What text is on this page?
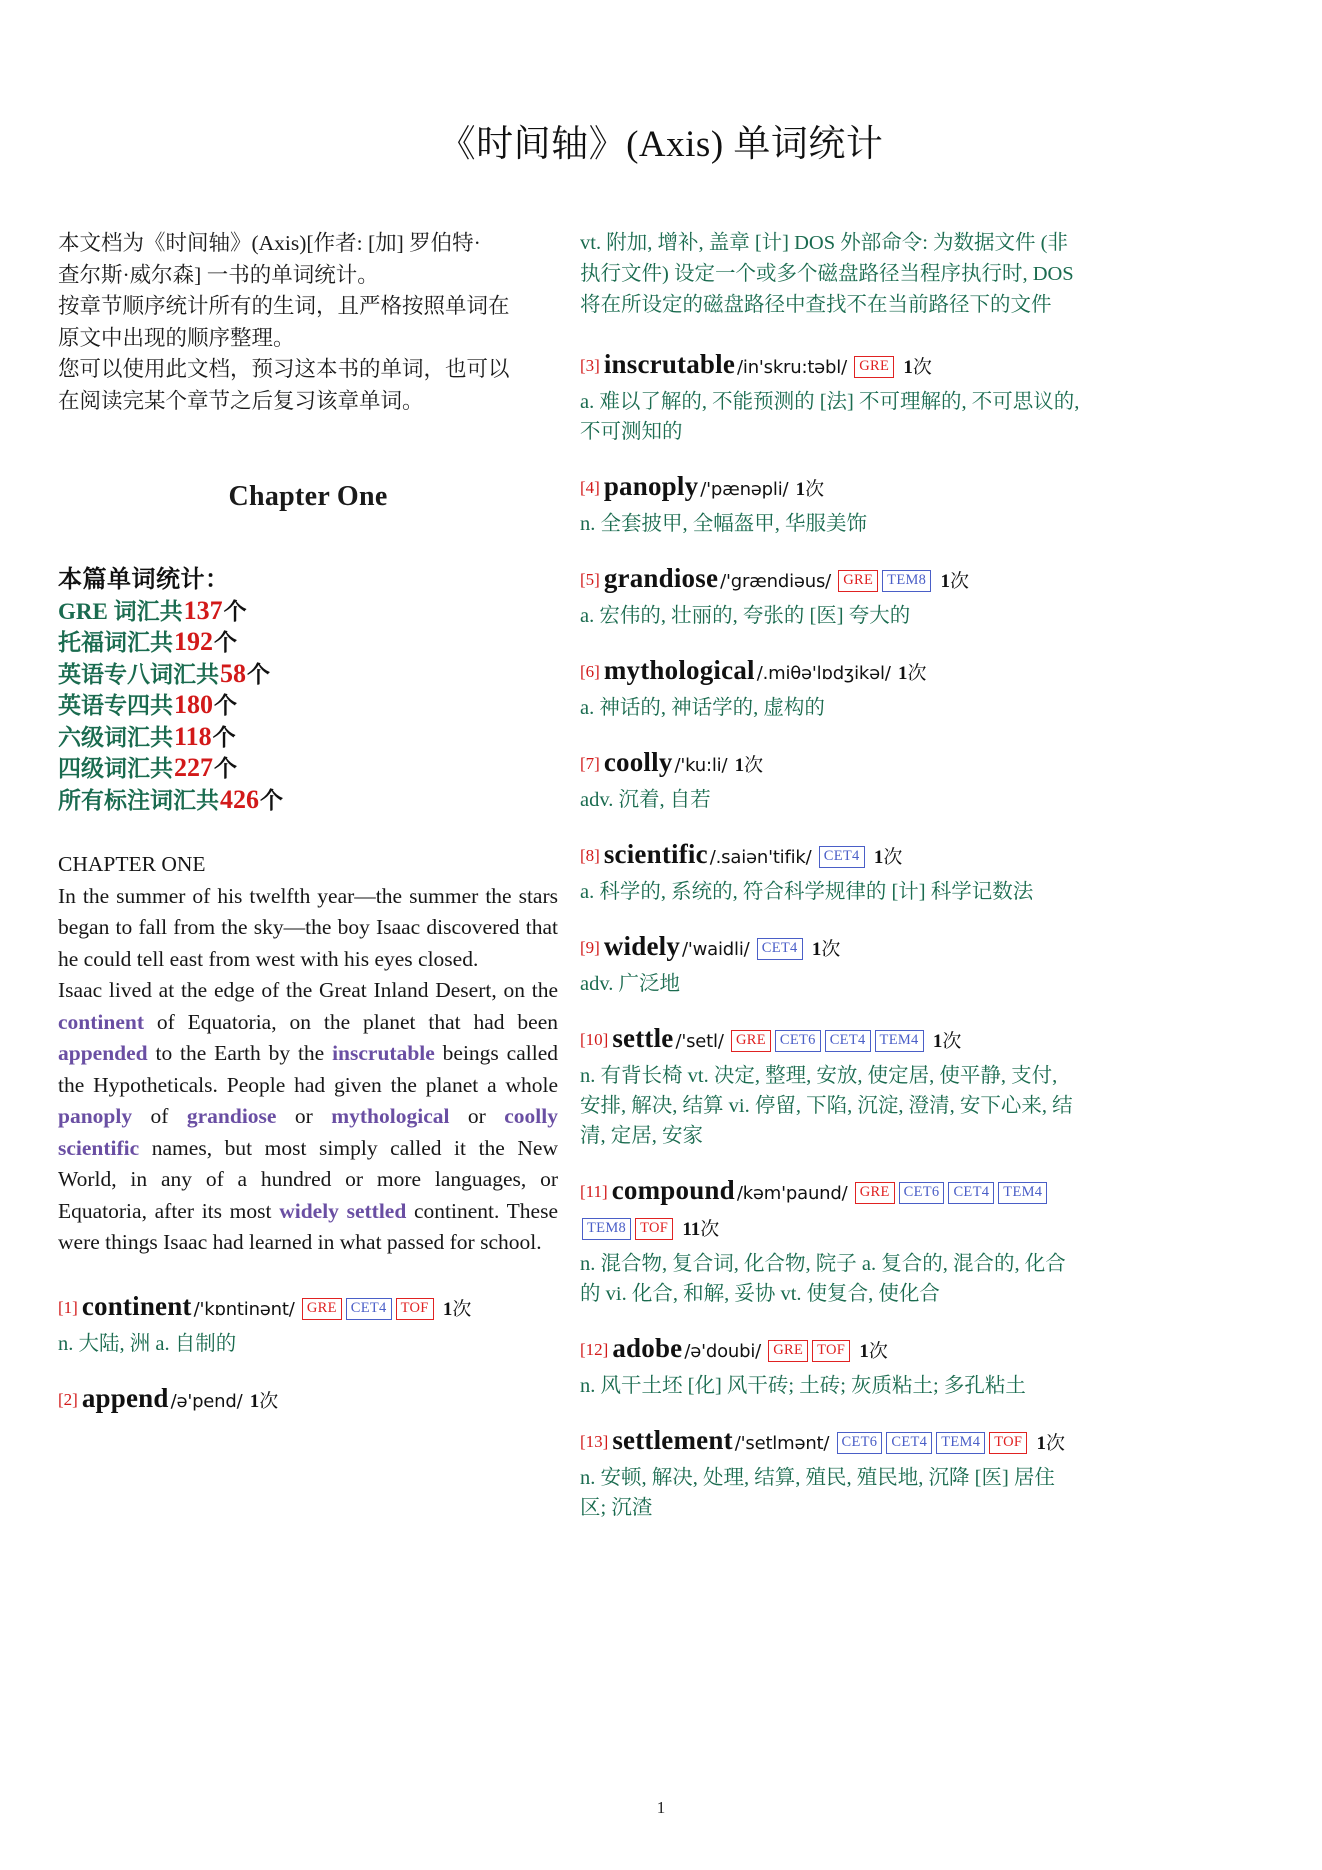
《时间轴》(Axis) 单词统计
本文档为《时间轴》(Axis)[作者: [加] 罗伯特·
查尔斯·威尔森] 一书的单词统计。
按章节顺序统计所有的生词，且严格按照单词在
原文中出现的顺序整理。
您可以使用此文档，预习这本书的单词，也可以
在阅读完某个章节之后复习该章单词。
Chapter One
本篇单词统计：
GRE 词汇共137个
托福词汇共192个
英语专八词汇共58个
英语专四共180个
六级词汇共118个
四级词汇共227个
所有标注词汇共426个

CHAPTER ONE

In the summer of his twelfth year—the summer the stars began to fall from the sky—the boy Isaac discovered that he could tell east from west with his eyes closed.

Isaac lived at the edge of the Great Inland Desert, on the continent of Equatoria, on the planet that had been appended to the Earth by the inscrutable beings called the Hypotheticals. People had given the planet a whole panoply of grandiose or mythological or coolly scientific names, but most simply called it the New World, in any of a hundred or more languages, or Equatoria, after its most widely settled continent. These were things Isaac had learned in what passed for school.

[1] continent /'kɒntinənt/ GRE CET4 TOF 1次
n. 大陆, 洲 a. 自制的
[2] append /ə'pend/ 1次
vt. 附加, 增补, 盖章 [计] DOS 外部命令: 为数据文件 (非执行文件) 设定一个或多个磁盘路径当程序执行时, DOS 将在所设定的磁盘路径中查找不在当前路径下的文件
[3] inscrutable /in'skru:təbl/ GRE 1次
a. 难以了解的, 不能预测的 [法] 不可理解的, 不可思议的, 不可测知的
[4] panoply /'pænəpli/ 1次
n. 全套披甲, 全幅盔甲, 华服美饰
[5] grandiose /'grændiəus/ GRE TEM8 1次
a. 宏伟的, 壮丽的, 夸张的 [医] 夸大的
[6] mythological /.miθə'lɒdʒikəl/ 1次
a. 神话的, 神话学的, 虚构的
[7] coolly /'ku:li/ 1次
adv. 沉着, 自若
[8] scientific /.saiən'tifik/ CET4 1次
a. 科学的, 系统的, 符合科学规律的 [计] 科学记数法
[9] widely /'waidli/ CET4 1次
adv. 广泛地
[10] settle /'setl/ GRE CET6 CET4 TEM4 1次
n. 有背长椅 vt. 决定, 整理, 安放, 使定居, 使平静, 支付, 安排, 解决, 结算 vi. 停留, 下陷, 沉淀, 澄清, 安下心来, 结清, 定居, 安家
[11] compound /kəm'paund/ GRE CET6 CET4 TEM4TEM8 TOF 11次
n. 混合物, 复合词, 化合物, 院子 a. 复合的, 混合的, 化合的 vi. 化合, 和解, 妥协 vt. 使复合, 使化合
[12] adobe /ə'doubi/ GRE TOF 1次
n. 风干土坯 [化] 风干砖; 土砖; 灰质粘土; 多孔粘土
[13] settlement /'setlmənt/ CET6 CET4 TEM4 TOF 1次
n. 安顿, 解决, 处理, 结算, 殖民, 殖民地, 沉降 [医] 居住区; 沉渣
1
